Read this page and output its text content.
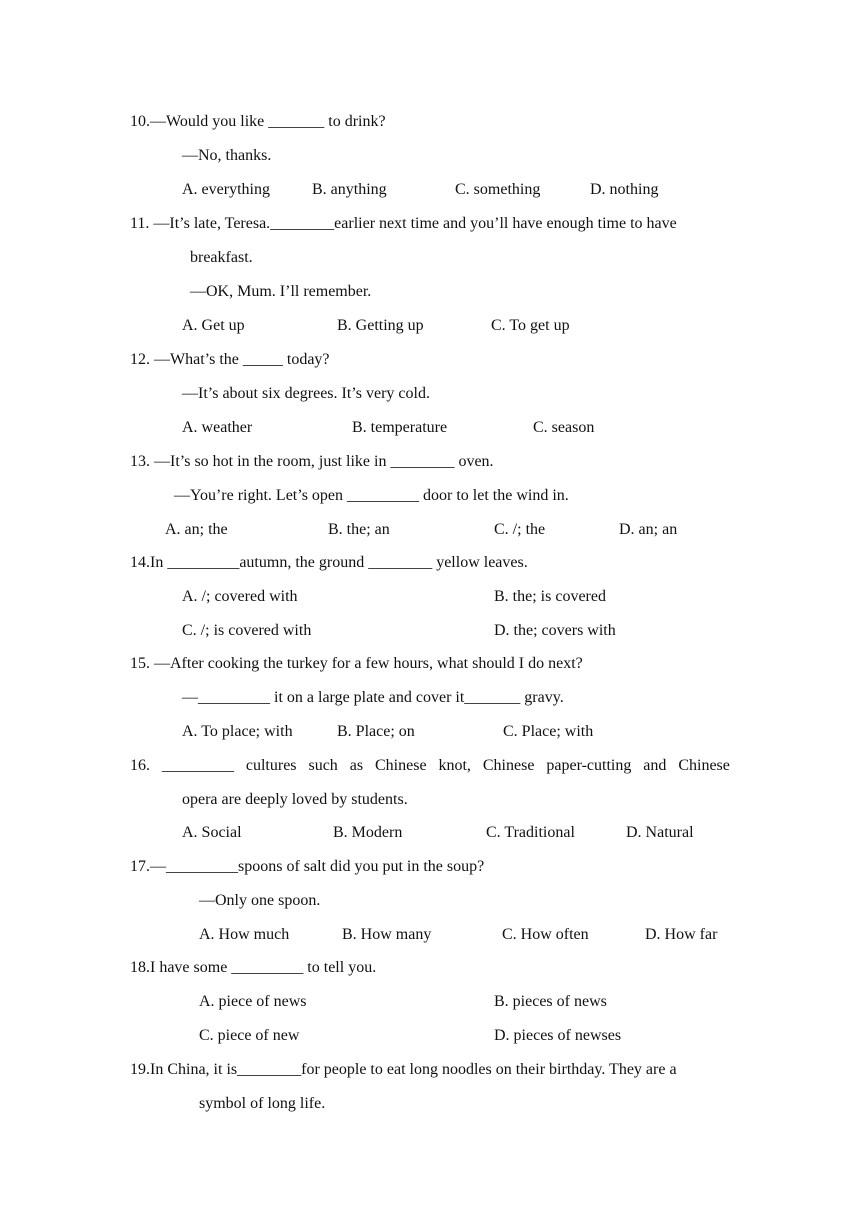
10.—Would you like _______ to drink?
—No, thanks.
A. everything	B. anything	C. something	D. nothing
11. —It’s late, Teresa.________earlier next time and you’ll have enough time to have
breakfast.
—OK, Mum. I’ll remember.
A. Get up	B. Getting up	C. To get up
12. —What’s the _____ today?
—It’s about six degrees. It’s very cold.
A. weather	B. temperature	C. season
13. —It’s so hot in the room, just like in ________ oven.
—You’re right. Let’s open _________ door to let the wind in.
A. an; the	B. the; an	C. /; the	D. an; an
14.In _________autumn, the ground ________ yellow leaves.
A. /; covered with	B. the; is covered
C. /; is covered with	D. the; covers with
15. —After cooking the turkey for a few hours, what should I do next?
—_________ it on a large plate and cover it_______ gravy.
A. To place; with	B. Place; on	C. Place; with
16. _________ cultures such as Chinese knot, Chinese paper-cutting and Chinese
opera are deeply loved by students.
A. Social	B. Modern	C. Traditional	D. Natural
17.—_________spoons of salt did you put in the soup?
—Only one spoon.
A. How much	B. How many	C. How often	D. How far
18.I have some _________ to tell you.
A. piece of news	B. pieces of news
C. piece of new	D. pieces of newses
19.In China, it is________for people to eat long noodles on their birthday. They are a
symbol of long life.
